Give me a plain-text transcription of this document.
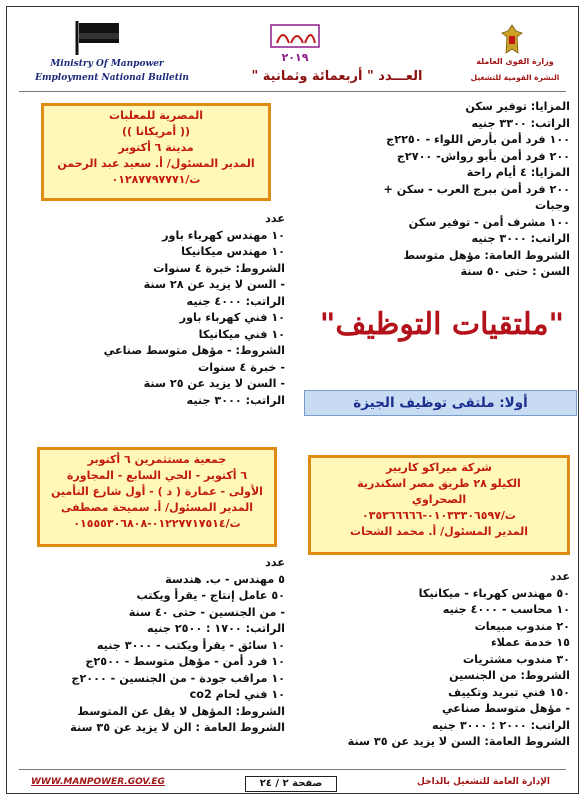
Ministry Of Manpower
Employment National Bulletin
٢٠١٩
العـــدد " أربعمائة وثمانية "
وزارة القوى العاملة
النشرة القومية للتشغيل
المزايا: توفير سكن
الراتب: ٣٣٠٠ جنيه
١٠٠ فرد أمن بأرض اللواء - ٢٢٥٠ج
٢٠٠ فرد أمن بأبو رواش- ٢٧٠٠ج
المزايا: ٤ أيام راحة
٢٠٠ فرد أمن ببرج العرب - سكن +
وجبات
١٠٠ مشرف أمن - توفير سكن
الراتب: ٣٠٠٠ جنيه
الشروط العامة: مؤهل متوسط
السن : حتى ٥٠ سنة
"ملتقيات التوظيف"
أولا: ملتقى توظيف الجيزة
المصرية للمعلبات
(( أمريكانا ))
مدينة ٦ أكتوبر
المدير المسئول/ أ. سعيد عبد الرحمن
ت/٠١٢٨٧٧٩٧٧٧١
عدد
١٠ مهندس كهرباء باور
١٠ مهندس ميكانيكا
الشروط: خبرة ٤ سنوات
- السن لا يزيد عن ٢٨ سنة
الراتب: ٤٠٠٠ جنيه
١٠ فني كهرباء باور
١٠ فني ميكانيكا
الشروط: - مؤهل متوسط صناعي
- خبرة ٤ سنوات
- السن لا يزيد عن ٢٥ سنة
الراتب: ٣٠٠٠ جنيه
جمعية مستثمرين ٦ أكتوبر
٦ أكتوبر - الحي السابع - المجاورة
الأولى - عمارة ( د ) - أول شارع التأمين
المدير المسئول/ أ. سميحة مصطفى
ت/٠١٢٢٧٧١٧٥١٤-٠١٥٥٥٣٠٦٨٠٨
شركة ميراكو كاريير
الكيلو ٢٨ طريق مصر اسكندرية
الصحراوي
ت/٠١٠٣٣٣٠٦٥٩٧-٠٣٥٣٦٦٦٦٦
المدير المسئول/ أ. محمد الشحات
عدد
٥ مهندس - ب. هندسة
٥٠ عامل إنتاج - يقرأ ويكتب
- من الجنسين - حتى ٤٠ سنة
الراتب: ١٧٠٠ : ٢٥٠٠ جنيه
١٠ سائق - يقرأ ويكتب - ٣٠٠٠ جنيه
١٠ فرد أمن - مؤهل متوسط - ٢٥٠٠ج
١٠ مراقب جودة - من الجنسين - ٢٠٠٠ج
١٠ فني لحام co2
الشروط: المؤهل لا يقل عن المتوسط
الشروط العامة : الن لا يزيد عن ٣٥ سنة
عدد
٥٠ مهندس كهرباء - ميكانيكا
١٠ محاسب - ٤٠٠٠ جنيه
٢٠ مندوب مبيعات
١٥ خدمة عملاء
٣٠ مندوب مشتريات
الشروط: من الجنسين
١٥٠ فني تبريد وتكييف
- مؤهل متوسط صناعي
الراتب: ٢٠٠٠ : ٣٠٠٠ جنيه
الشروط العامة: السن لا يزيد عن ٣٥ سنة
WWW.MANPOWER.GOV.EG	صفحة ٢ / ٢٤	الإدارة العامة للتشغيل بالداخل
